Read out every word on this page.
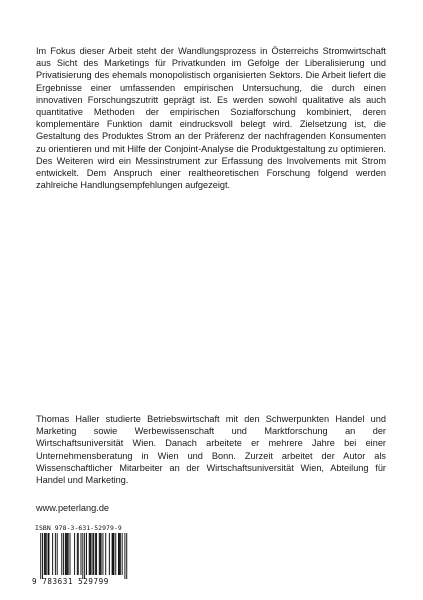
Im Fokus dieser Arbeit steht der Wandlungsprozess in Österreichs Stromwirtschaft aus Sicht des Marketings für Privatkunden im Gefolge der Liberalisierung und Privatisierung des ehemals monopolistisch organisierten Sektors. Die Arbeit liefert die Ergebnisse einer umfassenden empirischen Untersuchung, die durch einen innovativen Forschungszutritt geprägt ist. Es werden sowohl qualitative als auch quantitative Methoden der empirischen Sozialforschung kombiniert, deren komplementäre Funktion damit eindrucksvoll belegt wird. Zielsetzung ist, die Gestaltung des Produktes Strom an der Präferenz der nachfragenden Konsumenten zu orientieren und mit Hilfe der Conjoint-Analyse die Produktgestaltung zu optimieren. Des Weiteren wird ein Messinstrument zur Erfassung des Involvements mit Strom entwickelt. Dem Anspruch einer realtheoretischen Forschung folgend werden zahlreiche Handlungsempfehlungen aufgezeigt.

Thomas Haller studierte Betriebswirtschaft mit den Schwerpunkten Handel und Marketing sowie Werbewissenschaft und Marktforschung an der Wirtschaftsuniversität Wien. Danach arbeitete er mehrere Jahre bei einer Unternehmensberatung in Wien und Bonn. Zurzeit arbeitet der Autor als Wissenschaftlicher Mitarbeiter an der Wirtschaftsuniversität Wien, Abteilung für Handel und Marketing.

www.peterlang.de

ISBN 978-3-631-52979-9
9 783631 529799
